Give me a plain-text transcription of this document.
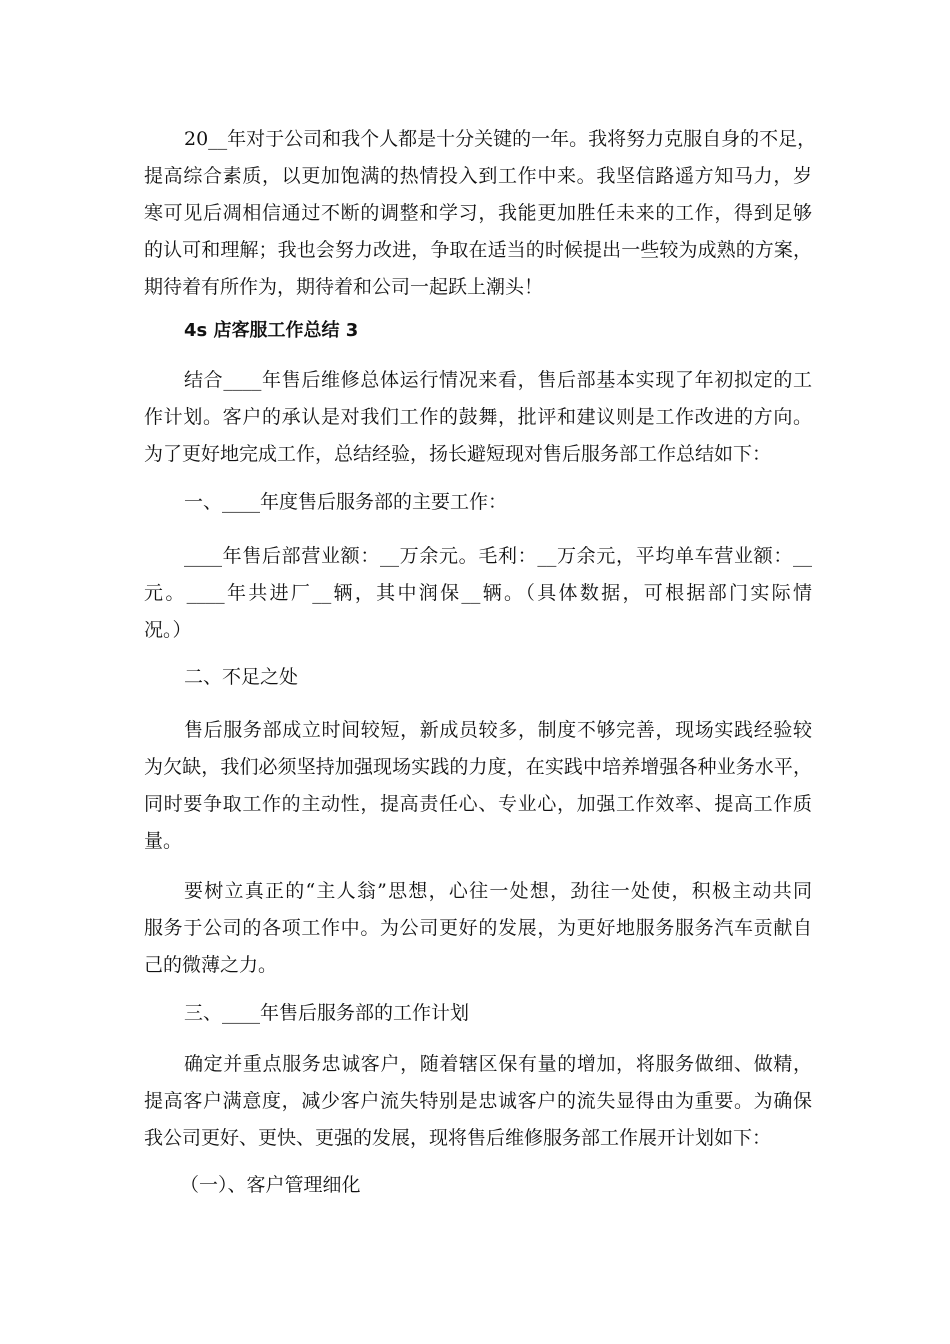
20__年对于公司和我个人都是十分关键的一年。我将努力克服自身的不足，
提高综合素质，以更加饱满的热情投入到工作中来。我坚信路遥方知马力，岁
寒可见后凋相信通过不断的调整和学习，我能更加胜任未来的工作，得到足够
的认可和理解；我也会努力改进，争取在适当的时候提出一些较为成熟的方案，
期待着有所作为，期待着和公司一起跃上潮头！

4s 店客服工作总结 3

结合____年售后维修总体运行情况来看，售后部基本实现了年初拟定的工
作计划。客户的承认是对我们工作的鼓舞，批评和建议则是工作改进的方向。
为了更好地完成工作，总结经验，扬长避短现对售后服务部工作总结如下：

一、____年度售后服务部的主要工作：

____年售后部营业额：__万余元。毛利：__万余元，平均单车营业额：__
元。____年共进厂__辆，其中润保__辆。（具体数据，可根据部门实际情
况。）

二、不足之处

售后服务部成立时间较短，新成员较多，制度不够完善，现场实践经验较
为欠缺，我们必须坚持加强现场实践的力度，在实践中培养增强各种业务水平，
同时要争取工作的主动性，提高责任心、专业心，加强工作效率、提高工作质
量。
要树立真正的“主人翁”思想，心往一处想，劲往一处使，积极主动共同
服务于公司的各项工作中。为公司更好的发展，为更好地服务服务汽车贡献自
己的微薄之力。

三、____年售后服务部的工作计划

确定并重点服务忠诚客户，随着辖区保有量的增加，将服务做细、做精，
提高客户满意度，减少客户流失特别是忠诚客户的流失显得由为重要。为确保
我公司更好、更快、更强的发展，现将售后维修服务部工作展开计划如下：

（一）、客户管理细化
